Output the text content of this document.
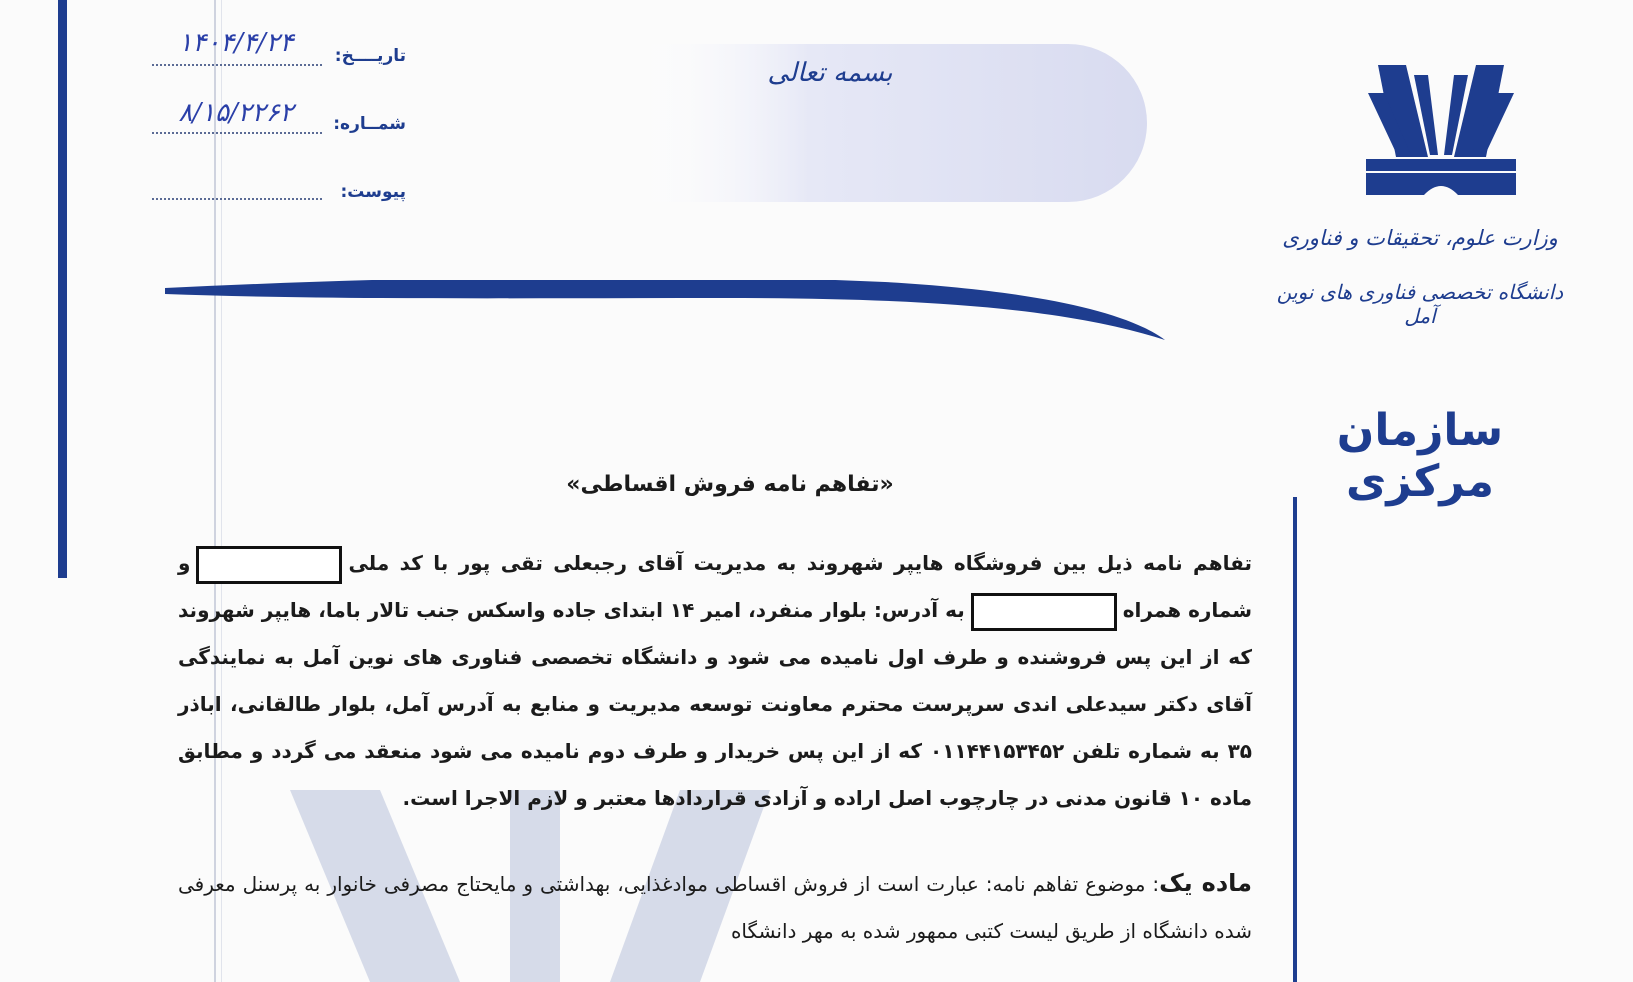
بسمه تعالی
تاریــــخ:
۱۴۰۴/۴/۲۴
شمــاره:
۸/۱۵/۲۲۶۲
پیوست:
وزارت علوم، تحقیقات و فناوری
دانشگاه تخصصی فناوری های نوین آمل
سازمان مرکزی
«تفاهم نامه فروش اقساطی»
تفاهم نامه ذیل بین فروشگاه هایپر شهروند به مدیریت آقای رجبعلی تقی پور با کد ملیو شماره همراهبه آدرس: بلوار منفرد، امیر ۱۴ ابتدای جاده واسکس جنب تالار باما، هایپر شهروند که از این پس فروشنده و طرف اول نامیده می شود و دانشگاه تخصصی فناوری های نوین آمل به نمایندگی آقای دکتر سیدعلی اندی سرپرست محترم معاونت توسعه مدیریت و منابع به آدرس آمل، بلوار طالقانی، اباذر ۳۵ به شماره تلفن ۰۱۱۴۴۱۵۳۴۵۲ که از این پس خریدار و طرف دوم نامیده می شود منعقد می گردد و مطابق ماده ۱۰ قانون مدنی در چارچوب اصل اراده و آزادی قراردادها معتبر و لازم الاجرا است.
ماده یک: موضوع تفاهم نامه: عبارت است از فروش اقساطی موادغذایی، بهداشتی و مایحتاج مصرفی خانوار به پرسنل معرفی شده دانشگاه از طریق لیست کتبی ممهور شده به مهر دانشگاه
